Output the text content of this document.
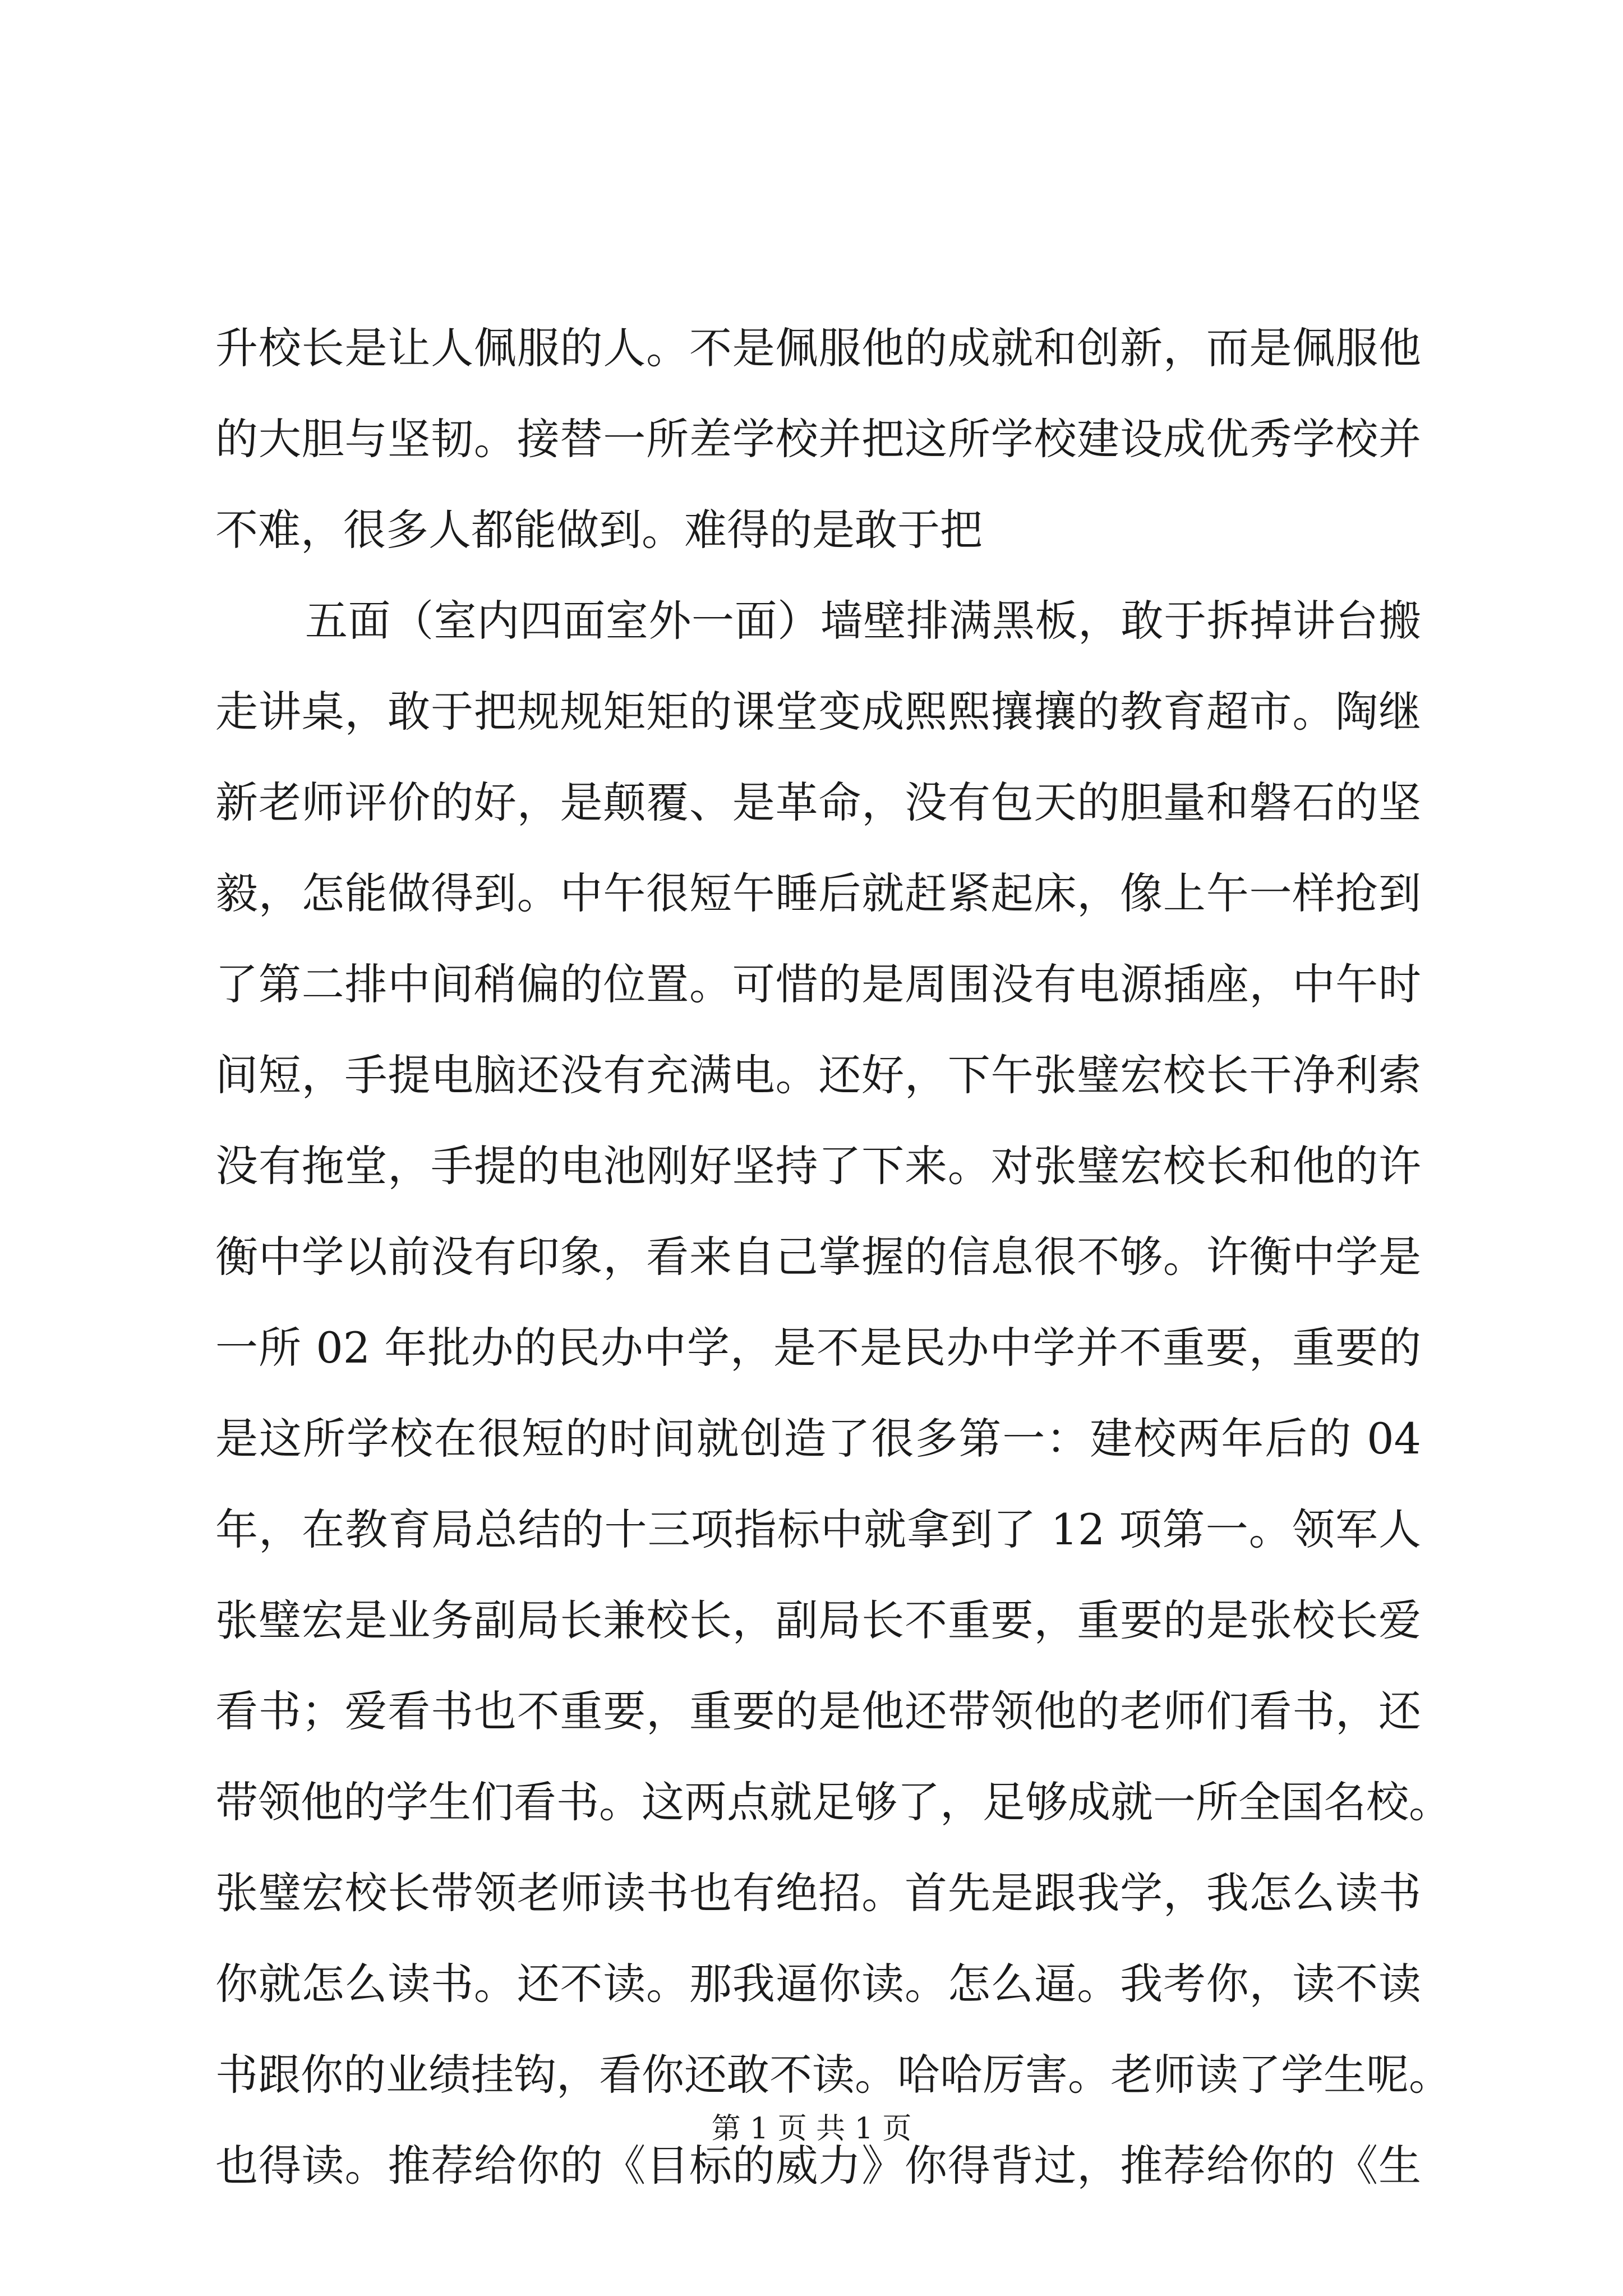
升校长是让人佩服的人。不是佩服他的成就和创新，而是佩服他
的大胆与坚韧。接替一所差学校并把这所学校建设成优秀学校并
不难，很多人都能做到。难得的是敢于把
五面（室内四面室外一面）墙壁排满黑板，敢于拆掉讲台搬
走讲桌，敢于把规规矩矩的课堂变成熙熙攘攘的教育超市。陶继
新老师评价的好，是颠覆、是革命，没有包天的胆量和磐石的坚
毅，怎能做得到。中午很短午睡后就赶紧起床，像上午一样抢到
了第二排中间稍偏的位置。可惜的是周围没有电源插座，中午时
间短，手提电脑还没有充满电。还好，下午张璧宏校长干净利索
没有拖堂，手提的电池刚好坚持了下来。对张璧宏校长和他的许
衡中学以前没有印象，看来自己掌握的信息很不够。许衡中学是
一所 02 年批办的民办中学，是不是民办中学并不重要，重要的
是这所学校在很短的时间就创造了很多第一：建校两年后的 04
年，在教育局总结的十三项指标中就拿到了 12 项第一。领军人
张璧宏是业务副局长兼校长，副局长不重要，重要的是张校长爱
看书；爱看书也不重要，重要的是他还带领他的老师们看书，还
带领他的学生们看书。这两点就足够了，足够成就一所全国名校。
张璧宏校长带领老师读书也有绝招。首先是跟我学，我怎么读书
你就怎么读书。还不读。那我逼你读。怎么逼。我考你，读不读
书跟你的业绩挂钩，看你还敢不读。哈哈厉害。老师读了学生呢。
也得读。推荐给你的《目标的威力》你得背过，推荐给你的《生
第 1 页 共 1 页
